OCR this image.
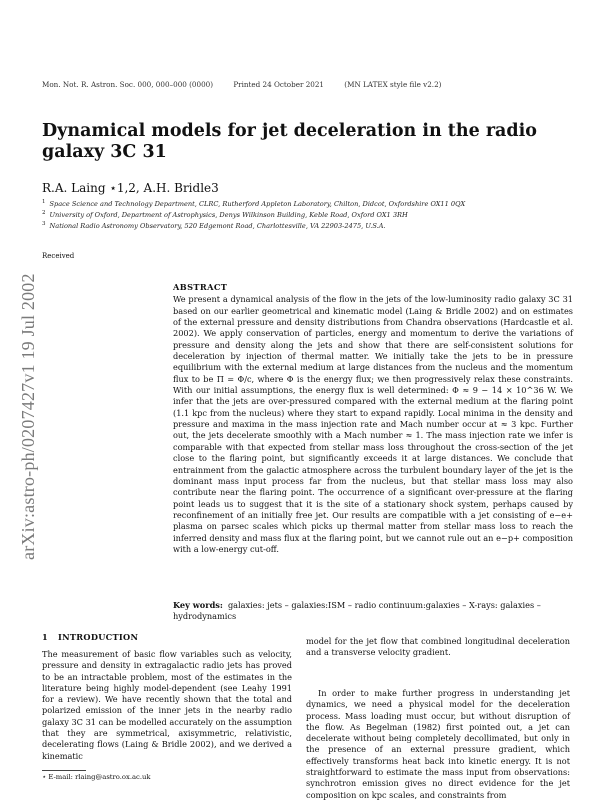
Mon. Not. R. Astron. Soc. 000, 000–000 (0000)	Printed 24 October 2021	(MN LATEX style file v2.2)
Dynamical models for jet deceleration in the radio galaxy 3C 31
R.A. Laing ⋆1,2, A.H. Bridle3
$^1$ Space Science and Technology Department, CLRC, Rutherford Appleton Laboratory, Chilton, Didcot, Oxfordshire OX11 0QX
$^2$ University of Oxford, Department of Astrophysics, Denys Wilkinson Building, Keble Road, Oxford OX1 3RH
$^3$ National Radio Astronomy Observatory, 520 Edgemont Road, Charlottesville, VA 22903-2475, U.S.A.
Received
arXiv:astro-ph/0207427v1 19 Jul 2002	ABSTRACT

We present a dynamical analysis of the flow in the jets of the low-luminosity radio galaxy 3C 31 based on our earlier geometrical and kinematic model (Laing & Bridle 2002) and on estimates of the external pressure and density distributions from Chandra observations (Hardcastle et al. 2002). We apply conservation of particles, energy and momentum to derive the variations of pressure and density along the jets and show that there are self-consistent solutions for deceleration by injection of thermal matter. We initially take the jets to be in pressure equilibrium with the external medium at large distances from the nucleus and the momentum flux to be Π = Φ/c, where Φ is the energy flux; we then progressively relax these constraints. With our initial assumptions, the energy flux is well determined: Φ ≈ 9 − 14 × 10^36 W. We infer that the jets are over-pressured compared with the external medium at the flaring point (1.1 kpc from the nucleus) where they start to expand rapidly. Local minima in the density and pressure and maxima in the mass injection rate and Mach number occur at ≈ 3 kpc. Further out, the jets decelerate smoothly with a Mach number ≈ 1. The mass injection rate we infer is comparable with that expected from stellar mass loss throughout the cross-section of the jet close to the flaring point, but significantly exceeds it at large distances. We conclude that entrainment from the galactic atmosphere across the turbulent boundary layer of the jet is the dominant mass input process far from the nucleus, but that stellar mass loss may also contribute near the flaring point. The occurrence of a significant over-pressure at the flaring point leads us to suggest that it is the site of a stationary shock system, perhaps caused by reconfinement of an initially free jet. Our results are compatible with a jet consisting of e−e+ plasma on parsec scales which picks up thermal matter from stellar mass loss to reach the inferred density and mass flux at the flaring point, but we cannot rule out an e−p+ composition with a low-energy cut-off.

Key words: galaxies: jets – galaxies:ISM – radio continuum:galaxies – X-rays: galaxies – hydrodynamics
1 INTRODUCTION

The measurement of basic flow variables such as velocity, pressure and density in extragalactic radio jets has proved to be an intractable problem, most of the estimates in the literature being highly model-dependent (see Leahy 1991 for a review). We have recently shown that the total and polarized emission of the inner jets in the nearby radio galaxy 3C 31 can be modelled accurately on the assumption that they are symmetrical, axisymmetric, relativistic, decelerating flows (Laing & Bridle 2002), and we derived a kinematic

model for the jet flow that combined longitudinal deceleration and a transverse velocity gradient.

In order to make further progress in understanding jet dynamics, we need a physical model for the deceleration process. Mass loading must occur, but without disruption of the flow. As Begelman (1982) first pointed out, a jet can decelerate without being completely decollimated, but only in the presence of an external pressure gradient, which effectively transforms heat back into kinetic energy. It is not straightforward to estimate the mass input from observations: synchrotron emission gives no direct evidence for the jet composition on kpc scales, and constraints from

⋆ E-mail: rlaing@astro.ox.ac.uk
